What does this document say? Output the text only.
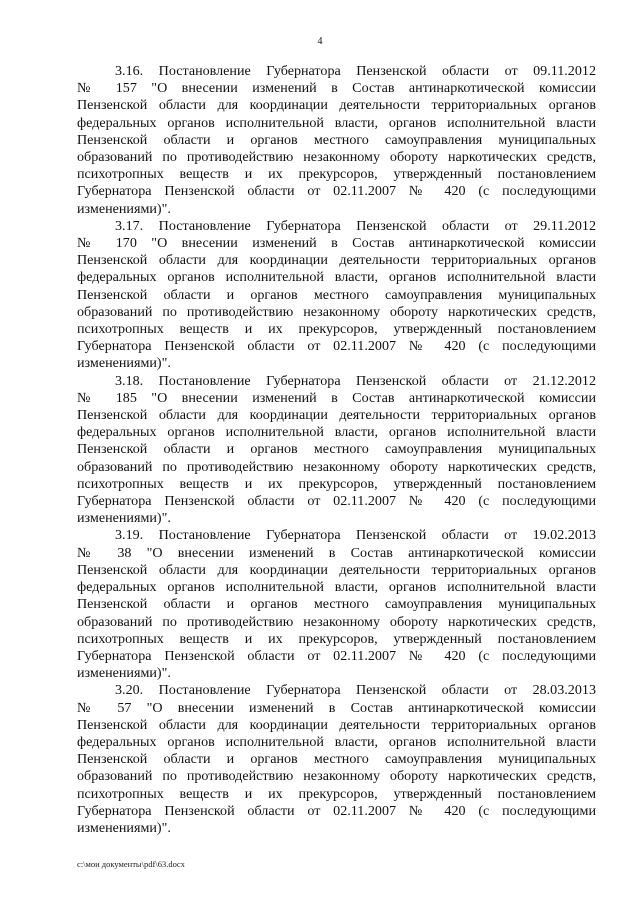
4

3.16. Постановление Губернатора Пензенской области от 09.11.2012
№ 157 "О внесении изменений в Состав антинаркотической комиссии
Пензенской области для координации деятельности территориальных органов
федеральных органов исполнительной власти, органов исполнительной власти
Пензенской области и органов местного самоуправления муниципальных
образований по противодействию незаконному обороту наркотических средств,
психотропных веществ и их прекурсоров, утвержденный постановлением
Губернатора Пензенской области от 02.11.2007 № 420 (с последующими
изменениями)".

3.17. Постановление Губернатора Пензенской области от 29.11.2012
№ 170 "О внесении изменений в Состав антинаркотической комиссии
Пензенской области для координации деятельности территориальных органов
федеральных органов исполнительной власти, органов исполнительной власти
Пензенской области и органов местного самоуправления муниципальных
образований по противодействию незаконному обороту наркотических средств,
психотропных веществ и их прекурсоров, утвержденный постановлением
Губернатора Пензенской области от 02.11.2007 № 420 (с последующими
изменениями)".

3.18. Постановление Губернатора Пензенской области от 21.12.2012
№ 185 "О внесении изменений в Состав антинаркотической комиссии
Пензенской области для координации деятельности территориальных органов
федеральных органов исполнительной власти, органов исполнительной власти
Пензенской области и органов местного самоуправления муниципальных
образований по противодействию незаконному обороту наркотических средств,
психотропных веществ и их прекурсоров, утвержденный постановлением
Губернатора Пензенской области от 02.11.2007 № 420 (с последующими
изменениями)".

3.19. Постановление Губернатора Пензенской области от 19.02.2013
№ 38 "О внесении изменений в Состав антинаркотической комиссии
Пензенской области для координации деятельности территориальных органов
федеральных органов исполнительной власти, органов исполнительной власти
Пензенской области и органов местного самоуправления муниципальных
образований по противодействию незаконному обороту наркотических средств,
психотропных веществ и их прекурсоров, утвержденный постановлением
Губернатора Пензенской области от 02.11.2007 № 420 (с последующими
изменениями)".

3.20. Постановление Губернатора Пензенской области от 28.03.2013
№ 57 "О внесении изменений в Состав антинаркотической комиссии
Пензенской области для координации деятельности территориальных органов
федеральных органов исполнительной власти, органов исполнительной власти
Пензенской области и органов местного самоуправления муниципальных
образований по противодействию незаконному обороту наркотических средств,
психотропных веществ и их прекурсоров, утвержденный постановлением
Губернатора Пензенской области от 02.11.2007 № 420 (с последующими
изменениями)".

c:\мои документы\pdf\63.docx
